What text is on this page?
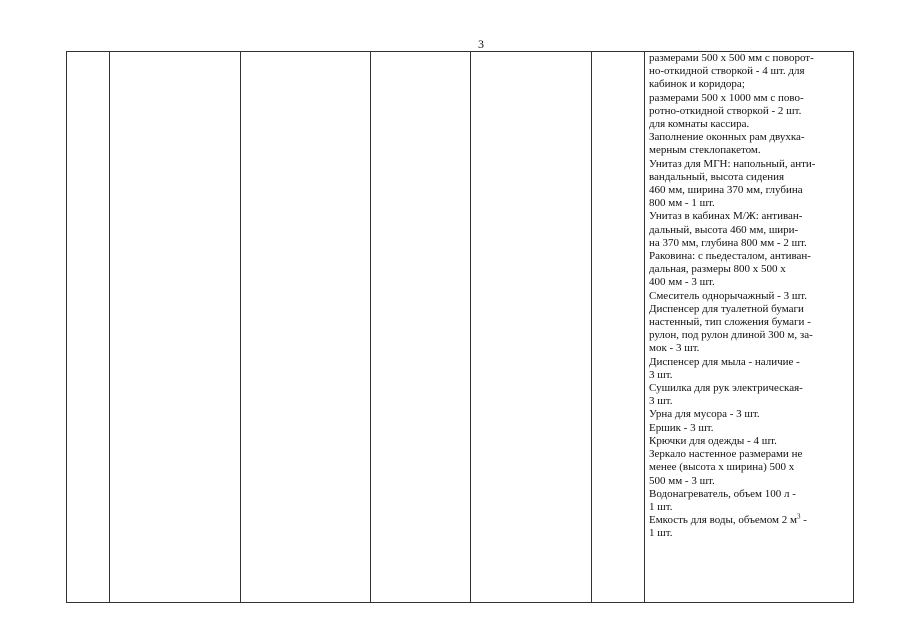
3
размерами 500 х 500 мм с поворот-
но-откидной створкой - 4 шт. для
кабинок и коридора;
размерами 500 х 1000 мм с пово-
ротно-откидной створкой - 2 шт.
для комнаты кассира.
Заполнение оконных рам двухка-
мерным стеклопакетом.
Унитаз для МГН: напольный, анти-
вандальный, высота сидения
460 мм, ширина 370 мм, глубина
800 мм - 1 шт.
Унитаз в кабинах М/Ж: антиван-
дальный, высота 460 мм, шири-
на 370 мм, глубина 800 мм - 2 шт.
Раковина: с пьедесталом, антиван-
дальная, размеры 800 х 500 х
400 мм - 3 шт.
Смеситель однорычажный - 3 шт.
Диспенсер для туалетной бумаги
настенный, тип сложения бумаги -
рулон, под рулон длиной 300 м, за-
мок - 3 шт.
Диспенсер для мыла - наличие -
3 шт.
Сушилка для рук электрическая-
3 шт.
Урна для мусора - 3 шт.
Ершик - 3 шт.
Крючки для одежды - 4 шт.
Зеркало настенное размерами не
менее (высота х ширина) 500 х
500 мм - 3 шт.
Водонагреватель, объем 100 л -
1 шт.
Емкость для воды, объемом 2 $м^3$ -
1 шт.
